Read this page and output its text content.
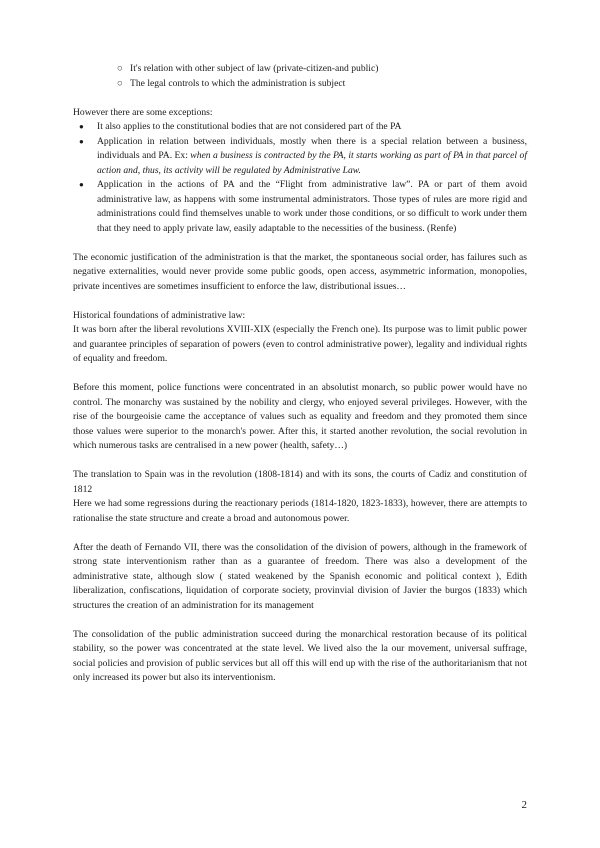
○ It's relation with other subject of law (private-citizen-and public)
○ The legal controls to which the administration is subject

However there are some exceptions:

● It also applies to the constitutional bodies that are not considered part of the PA
● Application in relation between individuals, mostly when there is a special relation between a business, individuals and PA. Ex: when a business is contracted by the PA, it starts working as part of PA in that parcel of action and, thus, its activity will be regulated by Administrative Law.
● Application in the actions of PA and the “Flight from administrative law”. PA or part of them avoid administrative law, as happens with some instrumental administrators. Those types of rules are more rigid and administrations could find themselves unable to work under those conditions, or so difficult to work under them that they need to apply private law, easily adaptable to the necessities of the business. (Renfe)

The economic justification of the administration is that the market, the spontaneous social order, has failures such as negative externalities, would never provide some public goods, open access, asymmetric information, monopolies, private incentives are sometimes insufficient to enforce the law, distributional issues…

Historical foundations of administrative law:

It was born after the liberal revolutions XVIII-XIX (especially the French one). Its purpose was to limit public power and guarantee principles of separation of powers (even to control administrative power), legality and individual rights of equality and freedom.

Before this moment, police functions were concentrated in an absolutist monarch, so public power would have no control. The monarchy was sustained by the nobility and clergy, who enjoyed several privileges. However, with the rise of the bourgeoisie came the acceptance of values such as equality and freedom and they promoted them since those values were superior to the monarch's power. After this, it started another revolution, the social revolution in which numerous tasks are centralised in a new power (health, safety…)

The translation to Spain was in the revolution (1808-1814) and with its sons, the courts of Cadiz and constitution of 1812

Here we had some regressions during the reactionary periods (1814-1820, 1823-1833), however, there are attempts to rationalise the state structure and create a broad and autonomous power.

After the death of Fernando VII, there was the consolidation of the division of powers, although in the framework of strong state interventionism rather than as a guarantee of freedom. There was also a development of the administrative state, although slow ( stated weakened by the Spanish economic and political context ), Edith liberalization, confiscations, liquidation of corporate society, provinvial division of Javier the burgos (1833) which structures the creation of an administration for its management

The consolidation of the public administration succeed during the monarchical restoration because of its political stability, so the power was concentrated at the state level. We lived also the la our movement, universal suffrage, social policies and provision of public services but all off this will end up with the rise of the authoritarianism that not only increased its power but also its interventionism.

2
